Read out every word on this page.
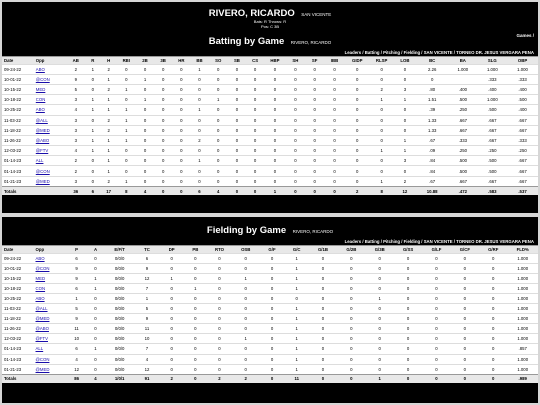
RIVERO, RICARDO SAN VICENTE
Bats: R Throws: R
Pos: C 3B
Games /
Batting by Game RIVERO, RICARDO
Leaders / Batting / Pitching / Fielding / SAN VICENTE / TORNEO DR. JESUS VERGARA PENA
Date	Opp	AB	R	H	RBI	2B	3B	HR	BB	SO	SB	CS	HBP	SH	SF	IBB	GIDP	RLSP	LOB	BC	BA	SLG	OBP
09-24-22	ABO	2	1	2	0	0	0	0	1	0	0	0	0	0	0	0	0	0	0	2.26	1.000	1.000	1.000
10-01-22	@CON	9	0	1	0	1	0	0	0	0	0	0	0	0	0	0	0	0	0	0		.333	.333
10-15-22	MED	5	0	2	1	0	0	0	0	0	0	0	0	0	0	0	0	2	3	.80	.400	.400	.400
10-18-22	CON	3	1	1	0	1	0	0	0	1	0	0	0	0	0	0	0	1	1	1.51	.500	1.000	.500
10-25-22	ABO	4	1	1	1	0	0	0	1	0	0	0	0	0	0	0	0	0	0	.39	.250	.500	.400
11-03-22	@ALL	3	0	2	1	0	0	0	0	0	0	0	0	0	0	0	0	0	0	1.33	.667	.667	.667
11-18-22	@MED	3	1	2	1	0	0	0	0	0	0	0	0	0	0	0	0	0	0	1.33	.667	.667	.667
11-26-22	@ABO	3	1	1	1	0	0	0	2	0	0	0	0	0	0	0	0	0	1	.67	.333	.667	.333
12-03-22	@FTV	4	1	1	0	0	0	0	0	0	0	0	0	0	0	0	0	1	1	.09	.250	.250	.250
01-14-23	ALL	2	0	1	0	0	0	0	1	0	0	0	0	0	0	0	0	0	3	.84	.500	.500	.667
01-14-23	@CON	2	0	1	0	0	0	0	0	0	0	0	0	0	0	0	0	0	0	.84	.500	.500	.667
01-21-23	@MED	3	0	2	1	0	0	0	0	0	0	0	0	0	0	0	0	1	2	.67	.667	.667	.667
Totals		36	6	17	8	4	0	0	6	4	0	0	1	0	0	0	2	8	12	10.88	.472	.583	.537
Fielding by Game RIVERO, RICARDO
Leaders / Batting / Pitching / Fielding / SAN VICENTE / TORNEO DR. JESUS VERGARA PENA
Date	Opp	P	A	E/F/T	TC	DP	PB	RTO	OSB	G/F	G/C	G/1B	G/2B	G/3B	G/SS	G/LF	G/CF	G/RF	FLD%
09-24-22	ABO	6	0	0/0/0	6	0	0	0	0	0	1	0	0	0	0	0	0	0	1.000
10-01-22	@CON	9	0	0/0/0	9	0	0	0	0	0	1	0	0	0	0	0	0	0	1.000
10-15-22	MED	9	1	0/0/0	12	1	0	0	1	0	1	0	0	0	0	0	0	0	1.000
10-18-22	CON	6	1	0/0/0	7	0	1	0	0	0	1	0	0	0	0	0	0	0	1.000
10-25-22	ABO	1	0	0/0/0	1	0	0	0	0	0	0	0	0	1	0	0	0	0	1.000
11-03-22	@ALL	5	0	0/0/0	5	0	0	0	0	0	1	0	0	0	0	0	0	0	1.000
11-18-22	@MED	9	0	0/0/0	9	0	0	0	0	0	1	0	0	0	0	0	0	0	1.000
11-26-22	@ABO	11	0	0/0/0	11	0	0	0	0	0	1	0	0	0	0	0	0	0	1.000
12-03-22	@FTV	10	0	0/0/0	10	0	0	0	1	0	1	0	0	0	0	0	0	0	1.000
01-14-23	ALL	6	1	0/0/0	7	0	0	0	0	0	1	0	0	0	0	0	0	0	.857
01-14-23	@CON	4	0	0/0/0	4	0	0	0	0	0	1	0	0	0	0	0	0	0	1.000
01-21-23	@MED	12	0	0/0/0	12	0	0	0	0	0	1	0	0	0	0	0	0	0	1.000
Totals		86	4	1/0/1	91	2	0	2	2	0	11	0	0	1	0	0	0	0	.989
